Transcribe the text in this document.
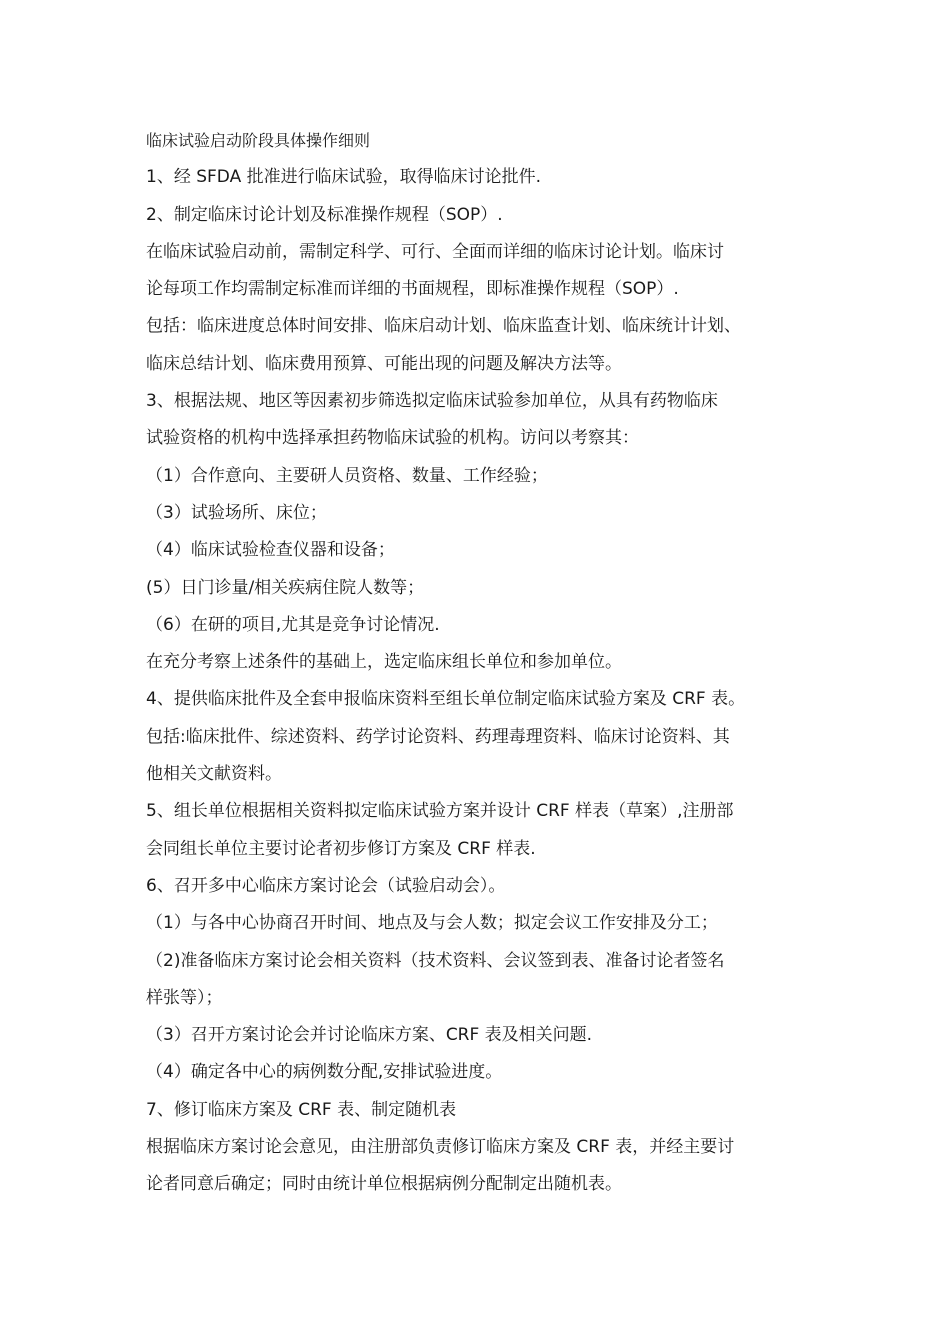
临床试验启动阶段具体操作细则
1、经 SFDA 批准进行临床试验，取得临床讨论批件.
2、制定临床讨论计划及标准操作规程（SOP）.
在临床试验启动前，需制定科学、可行、全面而详细的临床讨论计划。临床讨
论每项工作均需制定标准而详细的书面规程，即标准操作规程（SOP）.
包括：临床进度总体时间安排、临床启动计划、临床监查计划、临床统计计划、
临床总结计划、临床费用预算、可能出现的问题及解决方法等。
3、根据法规、地区等因素初步筛选拟定临床试验参加单位，从具有药物临床
试验资格的机构中选择承担药物临床试验的机构。访问以考察其：
（1）合作意向、主要研人员资格、数量、工作经验；
（3）试验场所、床位；
（4）临床试验检查仪器和设备；
(5）日门诊量/相关疾病住院人数等；
（6）在研的项目,尤其是竞争讨论情况.
在充分考察上述条件的基础上，选定临床组长单位和参加单位。
4、提供临床批件及全套申报临床资料至组长单位制定临床试验方案及 CRF 表。
包括:临床批件、综述资料、药学讨论资料、药理毒理资料、临床讨论资料、其
他相关文献资料。
5、组长单位根据相关资料拟定临床试验方案并设计 CRF 样表（草案）,注册部
会同组长单位主要讨论者初步修订方案及 CRF 样表.
6、召开多中心临床方案讨论会（试验启动会）。
（1）与各中心协商召开时间、地点及与会人数；拟定会议工作安排及分工；
（2)准备临床方案讨论会相关资料（技术资料、会议签到表、准备讨论者签名
样张等）；
（3）召开方案讨论会并讨论临床方案、CRF 表及相关问题.
（4）确定各中心的病例数分配,安排试验进度。
7、修订临床方案及 CRF 表、制定随机表
根据临床方案讨论会意见，由注册部负责修订临床方案及 CRF 表，并经主要讨
论者同意后确定；同时由统计单位根据病例分配制定出随机表。
